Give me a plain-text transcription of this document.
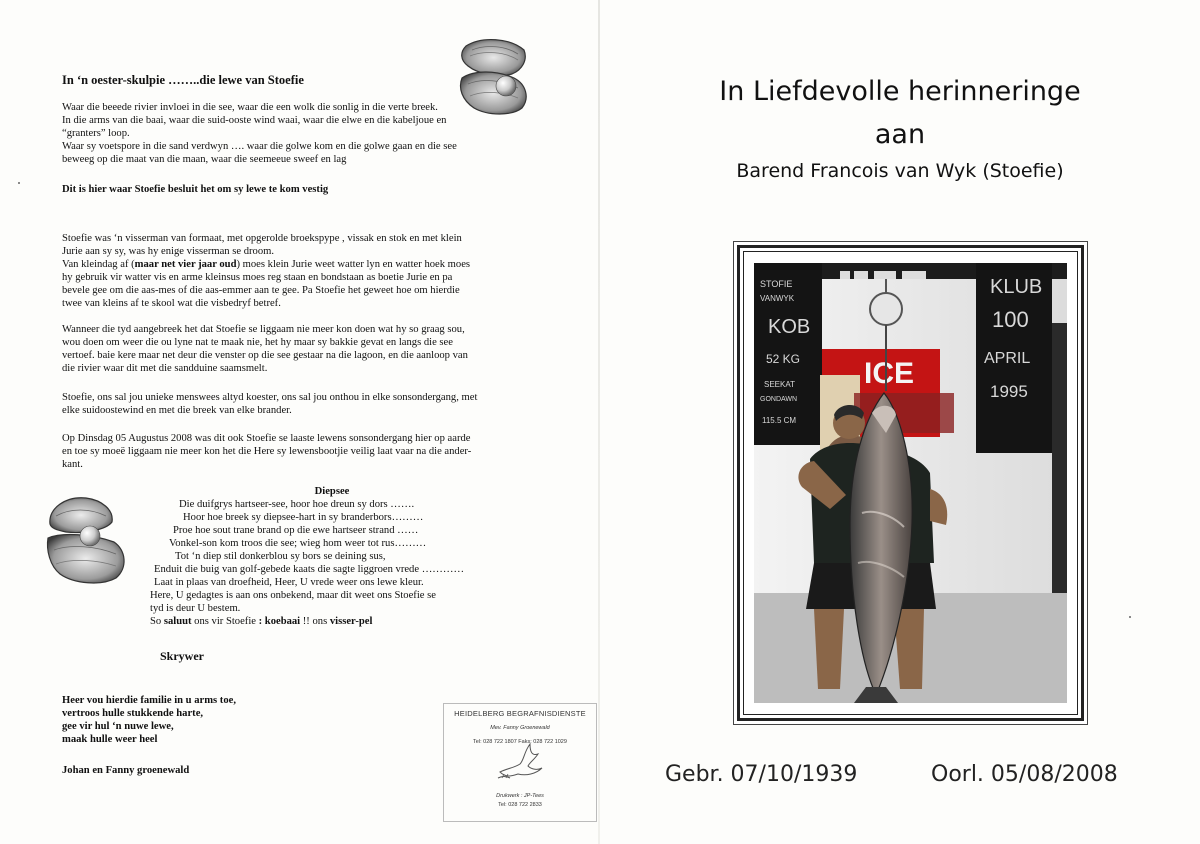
In ‘n oester-skulpie ……..die lewe van Stoefie
Waar die beeede rivier invloei in die see, waar die een wolk die sonlig in die verte breek.
In die arms van die baai, waar die suid-ooste wind waai, waar die elwe en die kabeljoue en
“granters” loop.
Waar sy voetspore in die sand verdwyn …. waar die golwe kom en die golwe gaan en die see
beweeg op die maat van die maan, waar die seemeeue sweef en lag
Dit is hier waar Stoefie besluit het om sy lewe te kom vestig
Stoefie was ‘n visserman van formaat, met opgerolde broekspype , vissak en stok en met klein
Jurie aan sy sy, was hy enige visserman se droom.
Van kleindag af (maar net vier jaar oud) moes klein Jurie weet watter lyn en watter hoek moes
hy gebruik vir watter vis en arme kleinsus moes reg staan en bondstaan as boetie Jurie en pa
bevele gee om die aas-mes of die aas-emmer aan te gee. Pa Stoefie het geweet hoe om hierdie
twee van kleins af te skool wat die visbedryf betref.
Wanneer die tyd aangebreek het dat Stoefie se liggaam nie meer kon doen wat hy so graag sou,
wou doen om weer die ou lyne nat te maak nie, het hy maar sy bakkie gevat en langs die see
vertoef. baie kere maar net deur die venster op die see gestaar na die lagoon, en die aanloop van
die rivier waar dit met die sandduine saamsmelt.
Stoefie, ons sal jou unieke menswees altyd koester, ons sal jou onthou in elke sonsondergang, met
elke suidoostewind en met die breek van elke brander.
Op Dinsdag 05 Augustus 2008 was dit ook Stoefie se laaste lewens sonsondergang hier op aarde
en toe sy moeë liggaam nie meer kon het die Here sy lewensbootjie veilig laat vaar na die ander-
kant.
Diepsee
Die duifgrys hartseer-see, hoor hoe dreun sy dors …….
Hoor hoe breek sy diepsee-hart in sy branderbors………
Proe hoe sout trane brand op die ewe hartseer strand ……
Vonkel-son kom troos die see; wieg hom weer tot rus………
Tot ‘n diep stil donkerblou sy bors se deining sus,
Enduit die buig van golf-gebede kaats die sagte liggroen vrede …………
Laat in plaas van droefheid, Heer, U vrede weer ons lewe kleur.
Here, U gedagtes is aan ons onbekend, maar dit weet ons Stoefie se
tyd is deur U bestem.
So saluut ons vir Stoefie : koebaai !! ons visser-pel
Skrywer
Heer vou hierdie familie in u arms toe,
vertroos hulle stukkende harte,
gee vir hul ‘n nuwe lewe,
maak hulle weer heel
Johan en Fanny groenewald
HEIDELBERG BEGRAFNISDIENSTE
Mev. Fanny Groenewald
Tel: 028 722 1807 Faks: 028 722 1029
Drukwerk : JP-Tees
Tel: 028 722 2833
In Liefdevolle herinneringe
aan
Barend Francois van Wyk (Stoefie)
ICE
STOFIE
VANWYK
KOB
52 KG
SEEKAT
GONDAWN
115.5 CM
KLUB
100
APRIL
1995
Gebr. 07/10/1939	Oorl. 05/08/2008
